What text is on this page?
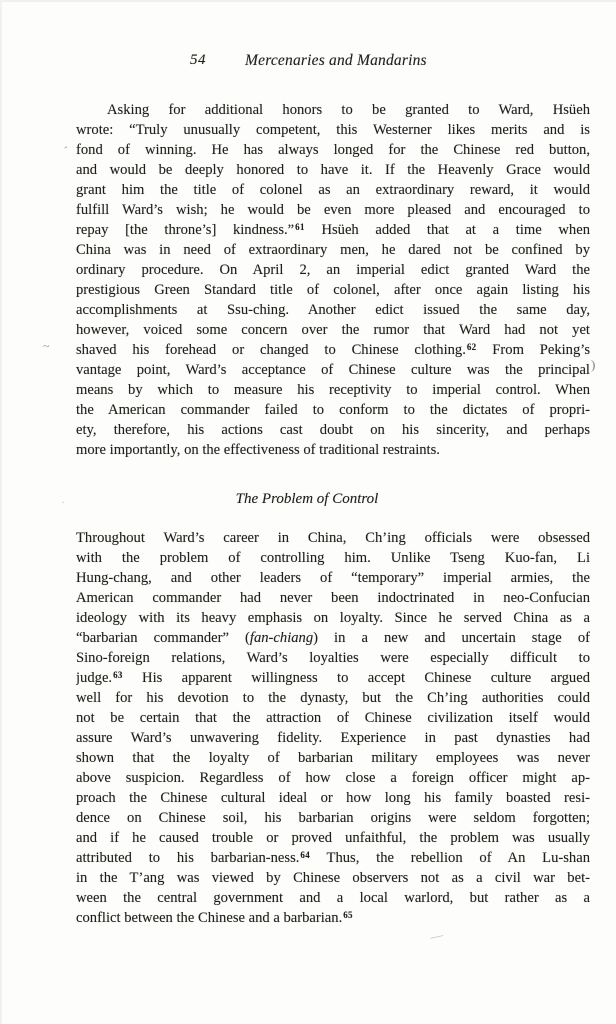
54	Mercenaries and Mandarins
Asking for additional honors to be granted to Ward, Hsüeh
wrote: “Truly unusually competent, this Westerner likes merits and is
fond of winning. He has always longed for the Chinese red button,
and would be deeply honored to have it. If the Heavenly Grace would
grant him the title of colonel as an extraordinary reward, it would
fulfill Ward’s wish; he would be even more pleased and encouraged to
repay [the throne’s] kindness.”$^{61}$ Hsüeh added that at a time when
China was in need of extraordinary men, he dared not be confined by
ordinary procedure. On April 2, an imperial edict granted Ward the
prestigious Green Standard title of colonel, after once again listing his
accomplishments at Ssu-ching. Another edict issued the same day,
however, voiced some concern over the rumor that Ward had not yet
shaved his forehead or changed to Chinese clothing.$^{62}$ From Peking’s
vantage point, Ward’s acceptance of Chinese culture was the principal
means by which to measure his receptivity to imperial control. When
the American commander failed to conform to the dictates of propri-
ety, therefore, his actions cast doubt on his sincerity, and perhaps
more importantly, on the effectiveness of traditional restraints.
The Problem of Control
Throughout Ward’s career in China, Ch’ing officials were obsessed
with the problem of controlling him. Unlike Tseng Kuo-fan, Li
Hung-chang, and other leaders of “temporary” imperial armies, the
American commander had never been indoctrinated in neo-Confucian
ideology with its heavy emphasis on loyalty. Since he served China as a
“barbarian commander” (fan-chiang) in a new and uncertain stage of
Sino-foreign relations, Ward’s loyalties were especially difficult to
judge.$^{63}$ His apparent willingness to accept Chinese culture argued
well for his devotion to the dynasty, but the Ch’ing authorities could
not be certain that the attraction of Chinese civilization itself would
assure Ward’s unwavering fidelity. Experience in past dynasties had
shown that the loyalty of barbarian military employees was never
above suspicion. Regardless of how close a foreign officer might ap-
proach the Chinese cultural ideal or how long his family boasted resi-
dence on Chinese soil, his barbarian origins were seldom forgotten;
and if he caused trouble or proved unfaithful, the problem was usually
attributed to his barbarian-ness.$^{64}$ Thus, the rebellion of An Lu-shan
in the T’ang was viewed by Chinese observers not as a civil war bet-
ween the central government and a local warlord, but rather as a
conflict between the Chinese and a barbarian.$^{65}$
-
~
)
·
—
